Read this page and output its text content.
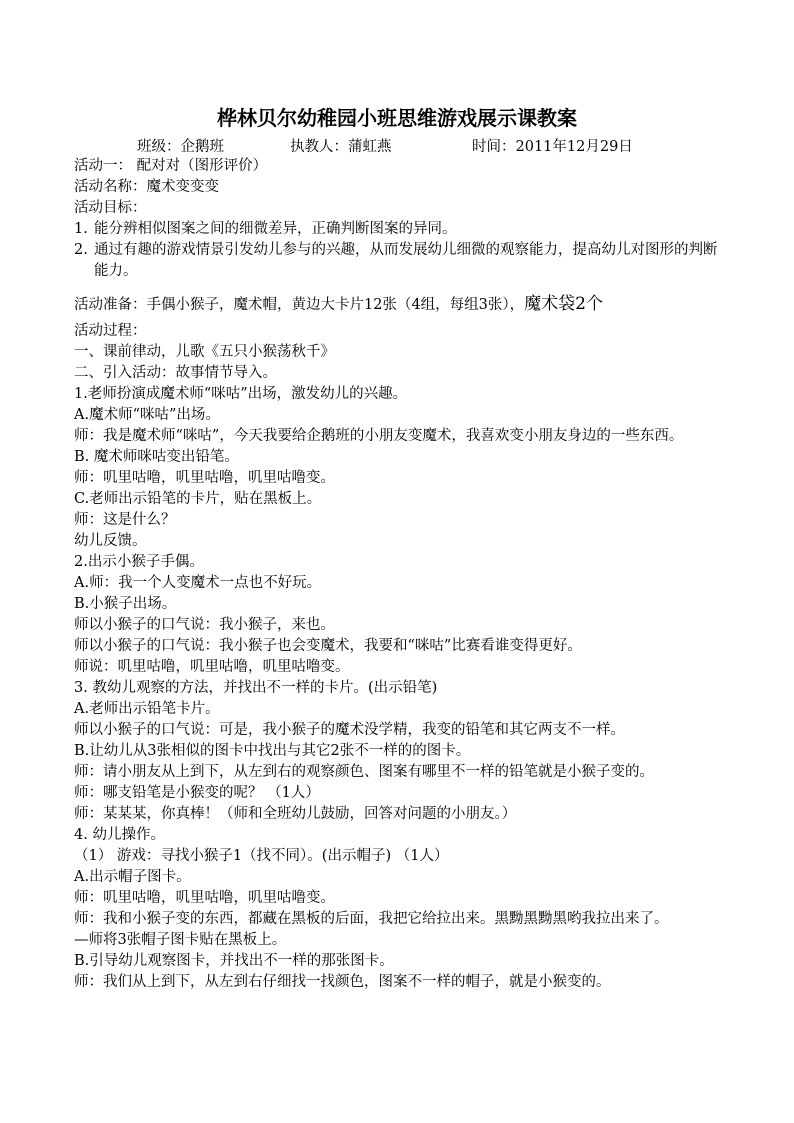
桦林贝尔幼稚园小班思维游戏展示课教案
班级：企鹅班	执教人：蒲虹燕	时间：2011年12月29日
活动一： 配对对（图形评价）
活动名称：魔术变变变
活动目标：
1. 能分辨相似图案之间的细微差异，正确判断图案的异同。
2. 通过有趣的游戏情景引发幼儿参与的兴趣，从而发展幼儿细微的观察能力，提高幼儿对图形的判断能力。
活动准备：手偶小猴子，魔术帽，黄边大卡片12张（4组，每组3张），魔术袋2个
活动过程：
一、课前律动，儿歌《五只小猴荡秋千》
二、引入活动：故事情节导入。
1.老师扮演成魔术师“咪咕”出场，激发幼儿的兴趣。
A.魔术师“咪咕”出场。
师：我是魔术师“咪咕”，今天我要给企鹅班的小朋友变魔术，我喜欢变小朋友身边的一些东西。
B. 魔术师咪咕变出铅笔。
师：叽里咕噜，叽里咕噜，叽里咕噜变。
C.老师出示铅笔的卡片，贴在黑板上。
师：这是什么？
幼儿反馈。
2.出示小猴子手偶。
A.师：我一个人变魔术一点也不好玩。
B.小猴子出场。
师以小猴子的口气说：我小猴子，来也。
师以小猴子的口气说：我小猴子也会变魔术，我要和“咪咕”比赛看谁变得更好。
师说：叽里咕噜，叽里咕噜，叽里咕噜变。
3. 教幼儿观察的方法，并找出不一样的卡片。(出示铅笔)
A.老师出示铅笔卡片。
师以小猴子的口气说：可是，我小猴子的魔术没学精，我变的铅笔和其它两支不一样。
B.让幼儿从3张相似的图卡中找出与其它2张不一样的的图卡。
师：请小朋友从上到下，从左到右的观察颜色、图案有哪里不一样的铅笔就是小猴子变的。
师：哪支铅笔是小猴变的呢？ （1人）
师：某某某，你真棒！（师和全班幼儿鼓励，回答对问题的小朋友。）
4. 幼儿操作。
（1） 游戏：寻找小猴子1（找不同）。(出示帽子) （1人）
A.出示帽子图卡。
师：叽里咕噜，叽里咕噜，叽里咕噜变。
师：我和小猴子变的东西，都藏在黑板的后面，我把它给拉出来。黑黝黑黝黑哟我拉出来了。
—师将3张帽子图卡贴在黑板上。
B.引导幼儿观察图卡，并找出不一样的那张图卡。
师：我们从上到下，从左到右仔细找一找颜色，图案不一样的帽子，就是小猴变的。
